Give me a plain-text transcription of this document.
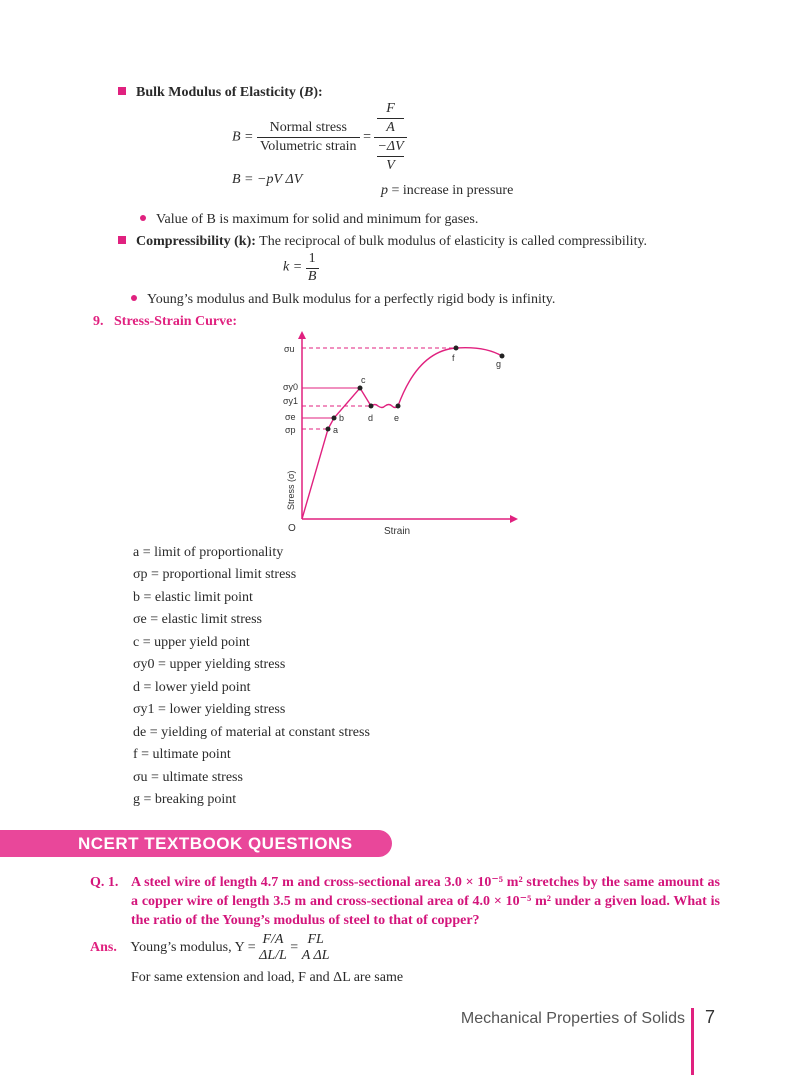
Bulk Modulus of Elasticity (B):
$B = \frac{\text{Normal stress}}{\text{Volumetric strain}} = F$
A
−ΔV
V
B = −pV ΔV
p = increase in pressure
Value of B is maximum for solid and minimum for gases.
Compressibility (k): The reciprocal of bulk modulus of elasticity is called compressibility.
$k = \frac{1}{B}$
Young’s modulus and Bulk modulus for a perfectly rigid body is infinity.
9. Stress-Strain Curve:
σu
σy0
σy1
σe
σp	a
b
c
d e
f
g
O	Strain
Stress (σ)
a = limit of proportionality
σp = proportional limit stress
b = elastic limit point
σe = elastic limit stress
c = upper yield point
σy0 = upper yielding stress
d = lower yield point
σy1 = lower yielding stress
de = yielding of material at constant stress
f = ultimate point
σu = ultimate stress
g = breaking point
NCERT TEXTBOOK QUESTIONS
Q. 1. A steel wire of length 4.7 m and cross-sectional area 3.0 × 10⁻⁵ m² stretches by the same amount as a copper wire of length 3.5 m and cross-sectional area of 4.0 × 10⁻⁵ m² under a given load. What is the ratio of the Young’s modulus of steel to that of copper?
Ans. Young’s modulus, Y =
F/A
ΔL/L
=
FL
A ΔL
For same extension and load, F and ΔL are same
Mechanical Properties of Solids 7
